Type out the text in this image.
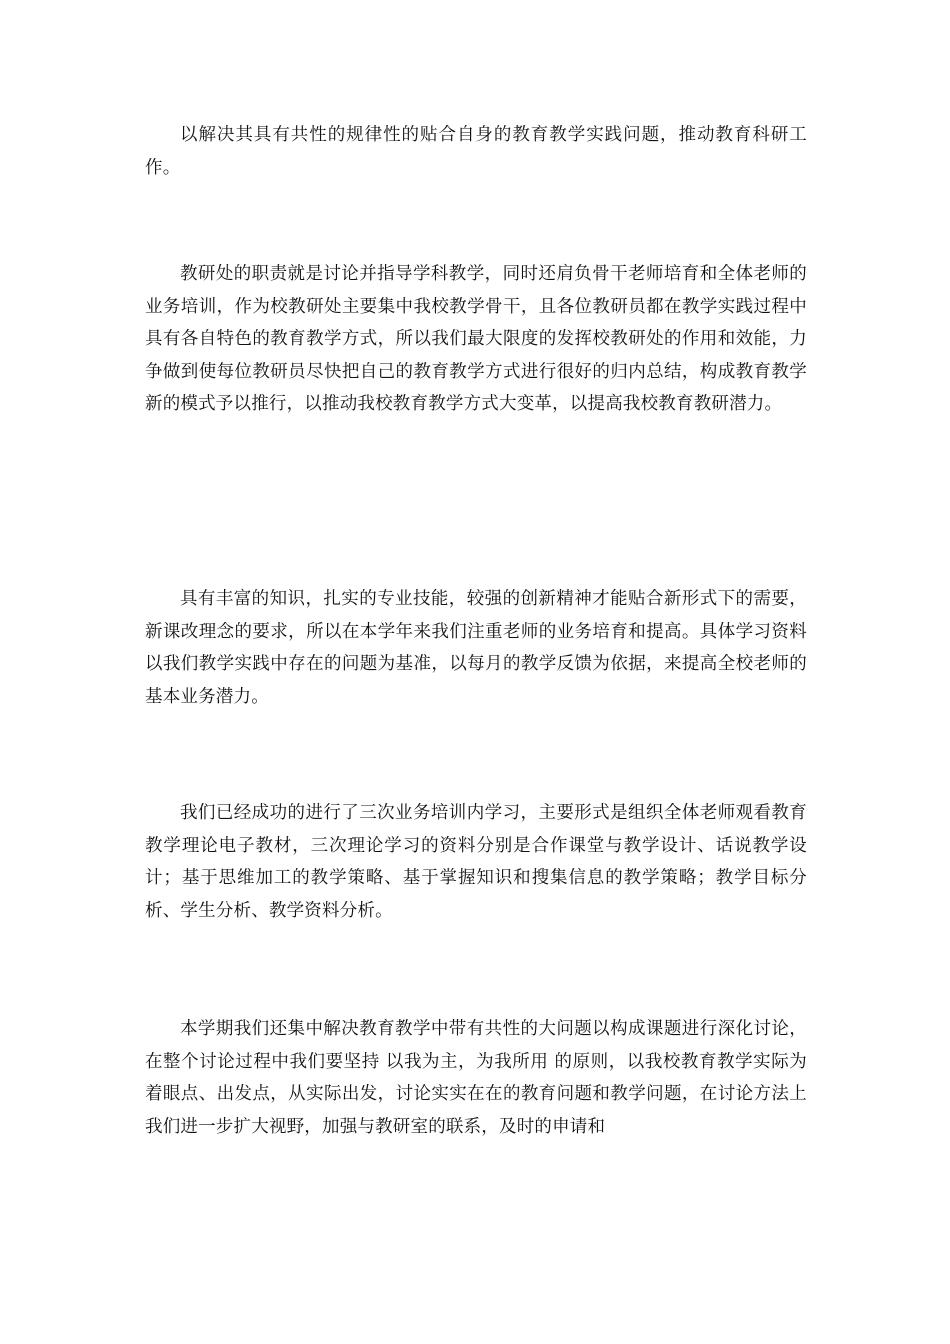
以解决其具有共性的规律性的贴合自身的教育教学实践问题，推动教育科研工作。

教研处的职责就是讨论并指导学科教学，同时还肩负骨干老师培育和全体老师的业务培训，作为校教研处主要集中我校教学骨干，且各位教研员都在教学实践过程中具有各自特色的教育教学方式，所以我们最大限度的发挥校教研处的作用和效能，力争做到使每位教研员尽快把自己的教育教学方式进行很好的归内总结，构成教育教学新的模式予以推行，以推动我校教育教学方式大变革，以提高我校教育教研潜力。

具有丰富的知识，扎实的专业技能，较强的创新精神才能贴合新形式下的需要，新课改理念的要求，所以在本学年来我们注重老师的业务培育和提高。具体学习资料以我们教学实践中存在的问题为基准，以每月的教学反馈为依据，来提高全校老师的基本业务潜力。

我们已经成功的进行了三次业务培训内学习，主要形式是组织全体老师观看教育教学理论电子教材，三次理论学习的资料分别是合作课堂与教学设计、话说教学设计；基于思维加工的教学策略、基于掌握知识和搜集信息的教学策略；教学目标分析、学生分析、教学资料分析。

本学期我们还集中解决教育教学中带有共性的大问题以构成课题进行深化讨论，在整个讨论过程中我们要坚持 以我为主，为我所用 的原则，以我校教育教学实际为着眼点、出发点，从实际出发，讨论实实在在的教育问题和教学问题，在讨论方法上我们进一步扩大视野，加强与教研室的联系，及时的申请和
